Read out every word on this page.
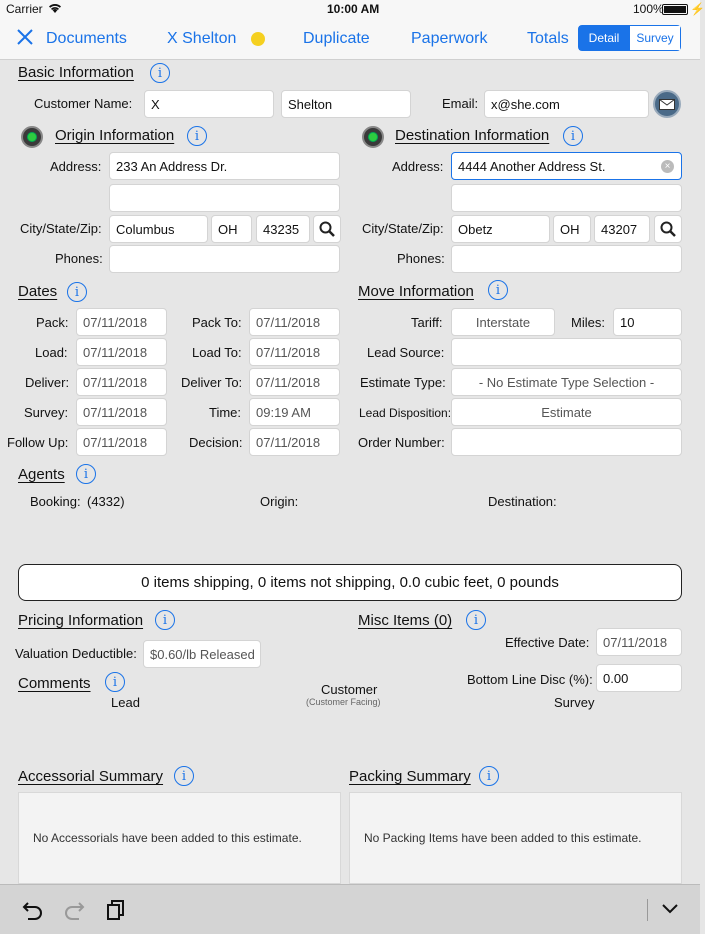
Carrier	10:00 AM	100% ⚡
Documents	X Shelton	Duplicate	Paperwork Totals	Detail	Survey
Basic Information	i
Customer Name:	X	Shelton	Email: x@she.com
Origin Information	i
Address:	233 An Address Dr.
City/State/Zip:	Columbus	OH	43235
Phones:
Destination Information	i
Address:	4444 Another Address St.	×
City/State/Zip:	Obetz	OH	43207
Phones:
Dates	i
Pack:	07/11/2018	Pack To:	07/11/2018
Load:	07/11/2018	Load To:	07/11/2018
Deliver:	07/11/2018	Deliver To:	07/11/2018
Survey:	07/11/2018	Time:	09:19 AM
Follow Up:	07/11/2018	Decision:	07/11/2018
Move Information	i
Tariff:	Interstate	Miles:	10
Lead Source:
Estimate Type:	- No Estimate Type Selection -
Lead Disposition:	Estimate
Order Number:
Agents	i
Booking: (4332)	Origin:	Destination:
0 items shipping, 0 items not shipping, 0.0 cubic feet, 0 pounds
Pricing Information	i
Valuation Deductible:	$0.60/lb Released
Misc Items (0)	i
Effective Date:	07/11/2018
Bottom Line Disc (%): 0.00
Comments	i
Lead
Customer
(Customer Facing)	Survey
Accessorial Summary	i
No Accessorials have been added to this estimate.
Packing Summary	i
No Packing Items have been added to this estimate.
